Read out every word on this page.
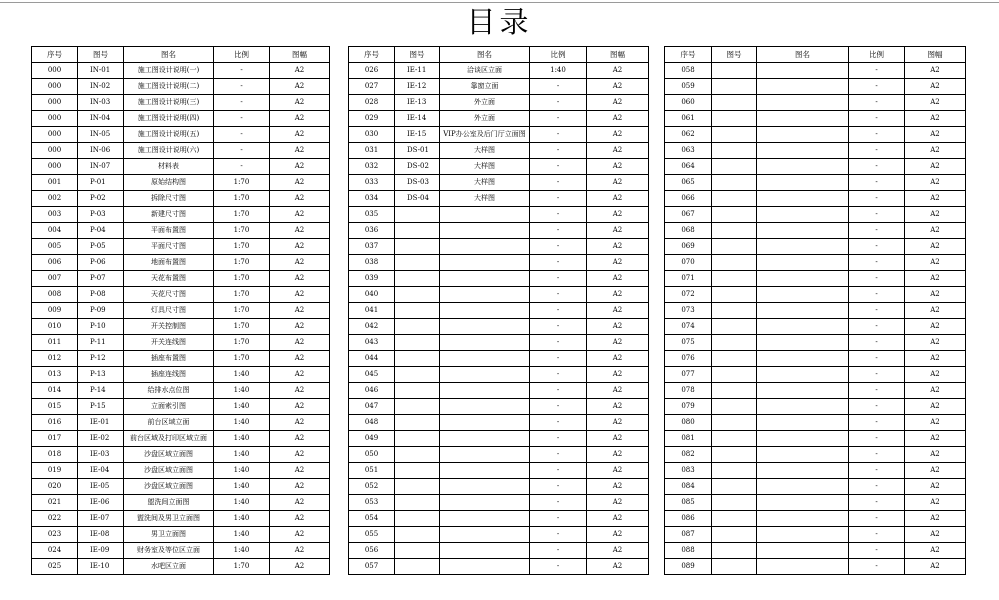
目录
序号	图号	图名	比例	图幅
000	IN-01	施工图设计说明(一)	-	A2
000	IN-02	施工图设计说明(二)	-	A2
000	IN-03	施工图设计说明(三)	-	A2
000	IN-04	施工图设计说明(四)	-	A2
000	IN-05	施工图设计说明(五)	-	A2
000	IN-06	施工图设计说明(六)	-	A2
000	IN-07	材料表	-	A2
001	P-01	原始结构图	1:70	A2
002	P-02	拆除尺寸图	1:70	A2
003	P-03	新建尺寸图	1:70	A2
004	P-04	平面布置图	1:70	A2
005	P-05	平面尺寸图	1:70	A2
006	P-06	地面布置图	1:70	A2
007	P-07	天花布置图	1:70	A2
008	P-08	天花尺寸图	1:70	A2
009	P-09	灯具尺寸图	1:70	A2
010	P-10	开关控制图	1:70	A2
011	P-11	开关连线图	1:70	A2
012	P-12	插座布置图	1:70	A2
013	P-13	插座连线图	1:40	A2
014	P-14	给排水点位图	1:40	A2
015	P-15	立面索引图	1:40	A2
016	IE-01	前台区域立面	1:40	A2
017	IE-02	前台区域及打印区域立面	1:40	A2
018	IE-03	沙盘区域立面图	1:40	A2
019	IE-04	沙盘区域立面图	1:40	A2
020	IE-05	沙盘区域立面图	1:40	A2
021	IE-06	盥洗间立面图	1:40	A2
022	IE-07	盥洗间及男卫立面图	1:40	A2
023	IE-08	男卫立面图	1:40	A2
024	IE-09	财务室及等位区立面	1:40	A2
025	IE-10	水吧区立面	1:70	A2
序号	图号	图名	比例	图幅
026	IE-11	洽谈区立面	1:40	A2
027	IE-12	靠窗立面	-	A2
028	IE-13	外立面	-	A2
029	IE-14	外立面	-	A2
030	IE-15	VIP办公室及后门厅立面图	-	A2
031	DS-01	大样图	-	A2
032	DS-02	大样图	-	A2
033	DS-03	大样图	-	A2
034	DS-04	大样图	-	A2
035			-	A2
036			-	A2
037			-	A2
038			-	A2
039			-	A2
040			-	A2
041			-	A2
042			-	A2
043			-	A2
044			-	A2
045			-	A2
046			-	A2
047			-	A2
048			-	A2
049			-	A2
050			-	A2
051			-	A2
052			-	A2
053			-	A2
054			-	A2
055			-	A2
056			-	A2
057			-	A2
序号	图号	图名	比例	图幅
058			-	A2
059			-	A2
060			-	A2
061			-	A2
062			-	A2
063			-	A2
064			-	A2
065			-	A2
066			-	A2
067			-	A2
068			-	A2
069			-	A2
070			-	A2
071			-	A2
072			-	A2
073			-	A2
074			-	A2
075			-	A2
076			-	A2
077			-	A2
078			-	A2
079			-	A2
080			-	A2
081			-	A2
082			-	A2
083			-	A2
084			-	A2
085			-	A2
086			-	A2
087			-	A2
088			-	A2
089			-	A2
